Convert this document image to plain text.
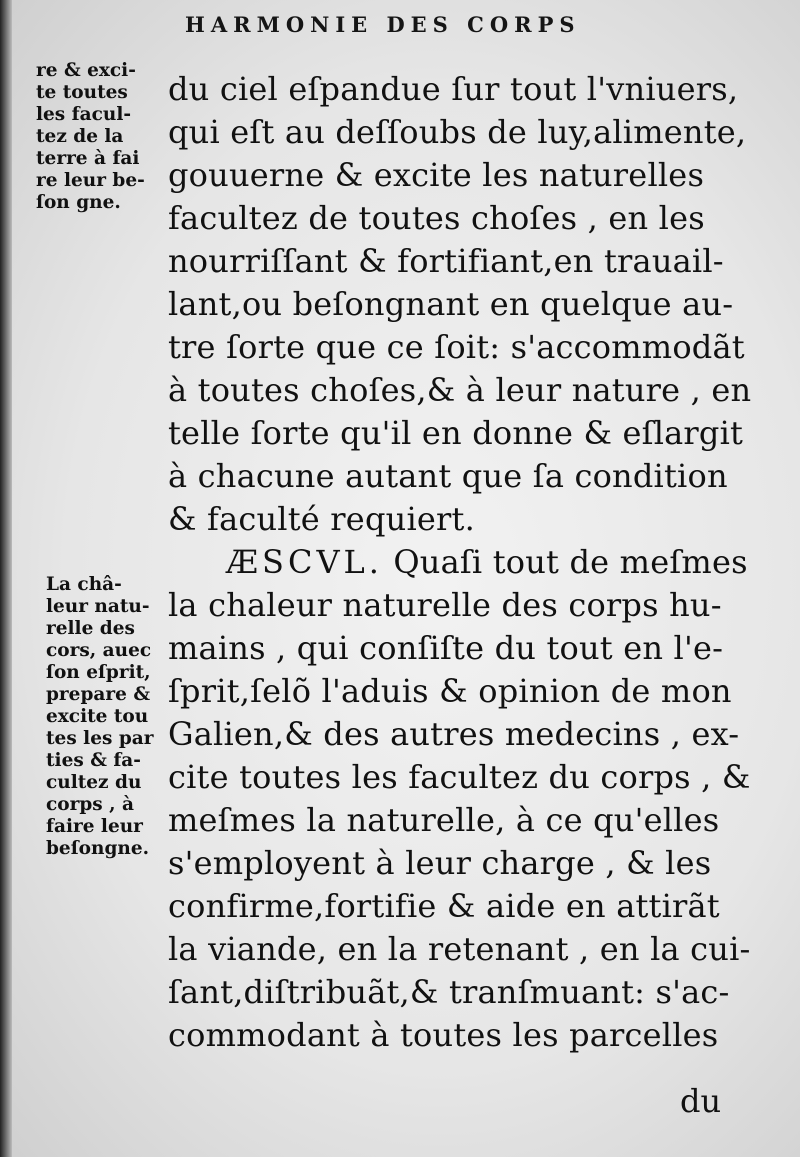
HARMONIE DES CORPS
re & exci-
te toutes
les facul-
tez de la
terre à fai
re leur be-
ſon gne.
La châ-
leur natu-
relle des
cors, auec
ſon eſprit,
prepare &
excite tou
tes les par
ties & fa-
cultez du
corps , à
faire leur
beſongne.
du ciel eſpandue ſur tout l'vniuers,
qui eſt au deſſoubs de luy,alimente,
gouuerne & excite les naturelles
facultez de toutes choſes , en les
nourriſſant & fortifiant,en trauail-
lant,ou beſongnant en quelque au-
tre ſorte que ce ſoit: s'accommodãt
à toutes choſes,& à leur nature , en
telle ſorte qu'il en donne & eſlargit
à chacune autant que ſa condition
& faculté requiert.
ÆSCVL. Quaſi tout de meſmes
la chaleur naturelle des corps hu-
mains , qui conſiſte du tout en l'e-
ſprit,ſelõ l'aduis & opinion de mon
Galien,& des autres medecins , ex-
cite toutes les facultez du corps , &
meſmes la naturelle, à ce qu'elles
s'employent à leur charge , & les
confirme,fortifie & aide en attirãt
la viande, en la retenant , en la cui-
ſant,diſtribuãt,& tranſmuant: s'ac-
commodant à toutes les parcelles
du
